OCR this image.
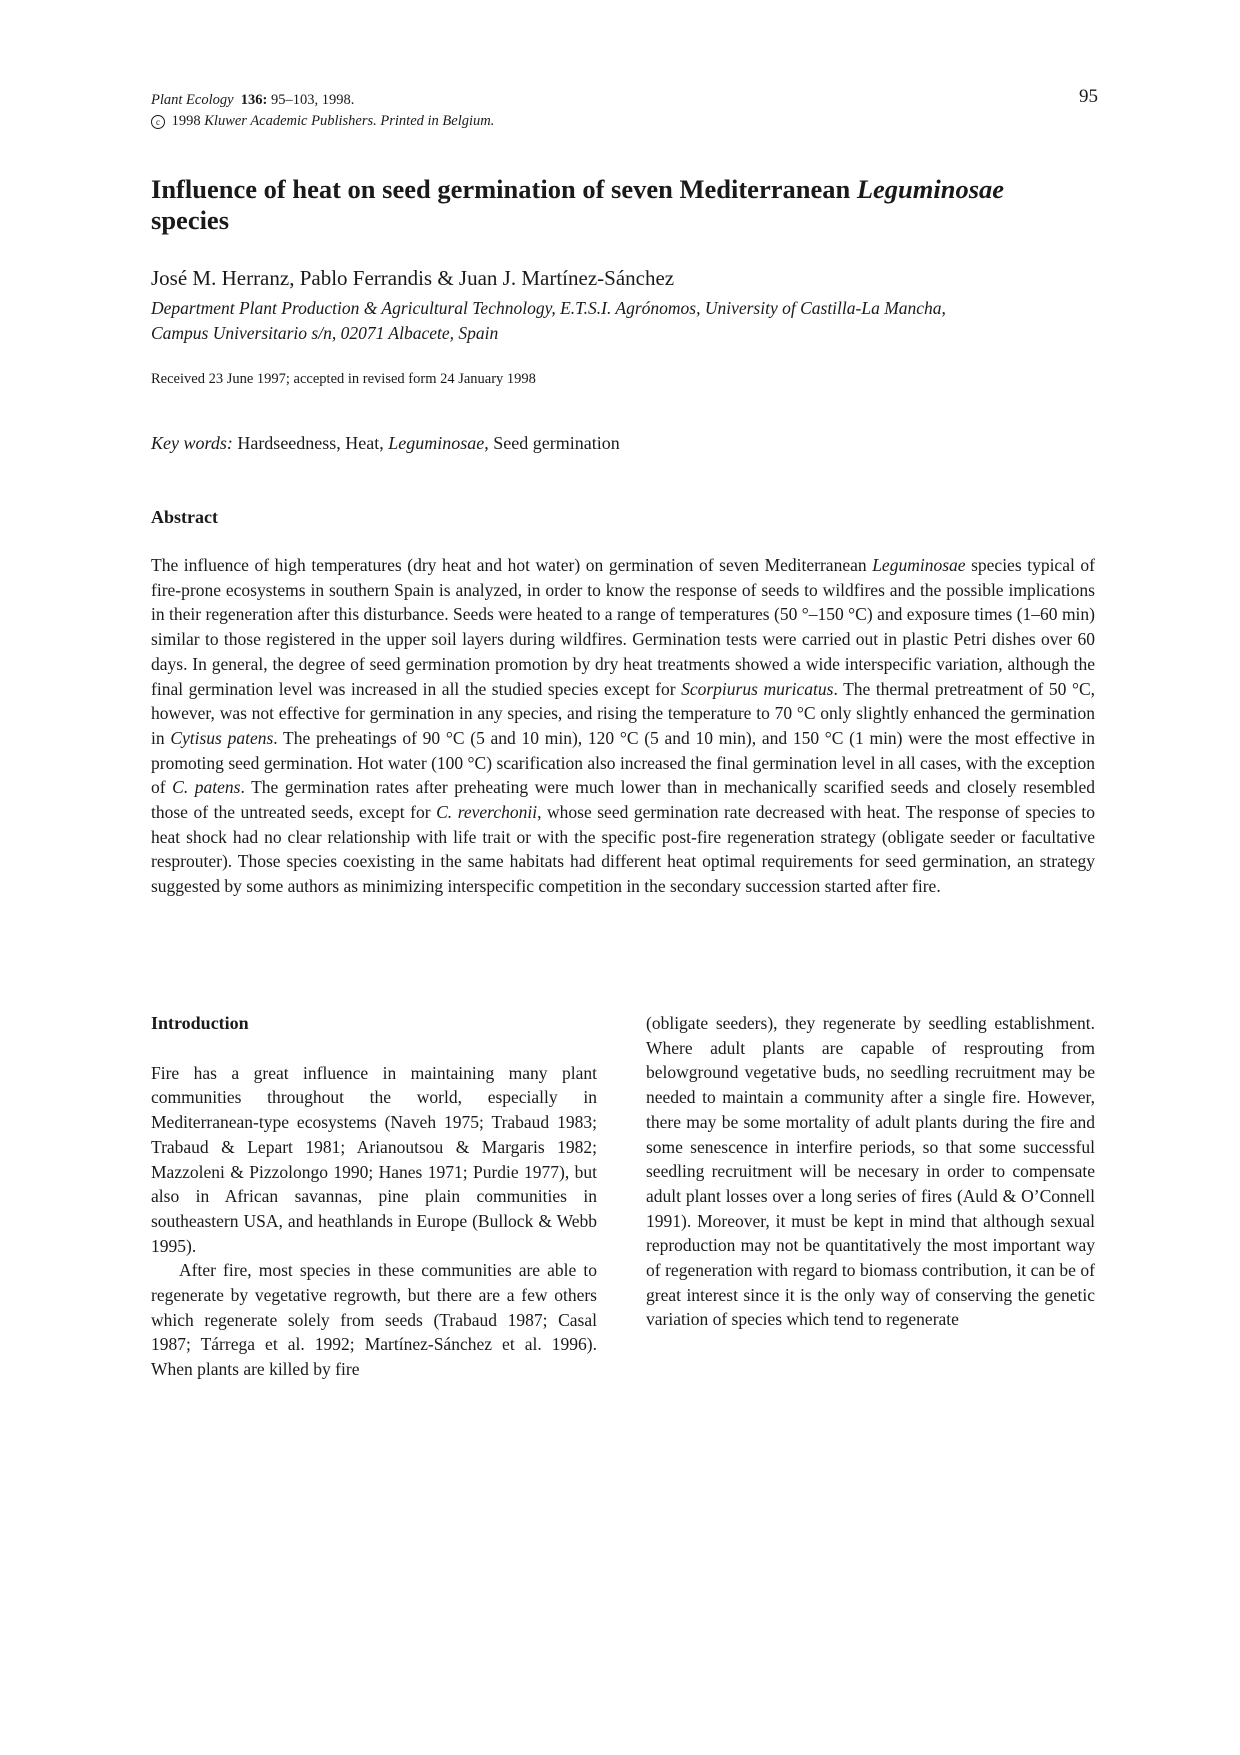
Plant Ecology 136: 95–103, 1998.
c 1998 Kluwer Academic Publishers. Printed in Belgium.
95
Influence of heat on seed germination of seven Mediterranean Leguminosae
species
José M. Herranz, Pablo Ferrandis & Juan J. Martínez-Sánchez
Department Plant Production & Agricultural Technology, E.T.S.I. Agrónomos, University of Castilla-La Mancha,
Campus Universitario s/n, 02071 Albacete, Spain
Received 23 June 1997; accepted in revised form 24 January 1998
Key words: Hardseedness, Heat, Leguminosae, Seed germination
Abstract

The influence of high temperatures (dry heat and hot water) on germination of seven Mediterranean Leguminosae species typical of fire-prone ecosystems in southern Spain is analyzed, in order to know the response of seeds to wildfires and the possible implications in their regeneration after this disturbance. Seeds were heated to a range of temperatures (50 °–150 °C) and exposure times (1–60 min) similar to those registered in the upper soil layers during wildfires. Germination tests were carried out in plastic Petri dishes over 60 days. In general, the degree of seed germination promotion by dry heat treatments showed a wide interspecific variation, although the final germination level was increased in all the studied species except for Scorpiurus muricatus. The thermal pretreatment of 50 °C, however, was not effective for germination in any species, and rising the temperature to 70 °C only slightly enhanced the germination in Cytisus patens. The preheatings of 90 °C (5 and 10 min), 120 °C (5 and 10 min), and 150 °C (1 min) were the most effective in promoting seed germination. Hot water (100 °C) scarification also increased the final germination level in all cases, with the exception of C. patens. The germination rates after preheating were much lower than in mechanically scarified seeds and closely resembled those of the untreated seeds, except for C. reverchonii, whose seed germination rate decreased with heat. The response of species to heat shock had no clear relationship with life trait or with the specific post-fire regeneration strategy (obligate seeder or facultative resprouter). Those species coexisting in the same habitats had different heat optimal requirements for seed germination, an strategy suggested by some authors as minimizing interspecific competition in the secondary succession started after fire.

Introduction

Fire has a great influence in maintaining many plant communities throughout the world, especially in Mediterranean-type ecosystems (Naveh 1975; Trabaud 1983; Trabaud & Lepart 1981; Arianoutsou & Margaris 1982; Mazzoleni & Pizzolongo 1990; Hanes 1971; Purdie 1977), but also in African savannas, pine plain communities in southeastern USA, and heathlands in Europe (Bullock & Webb 1995).

After fire, most species in these communities are able to regenerate by vegetative regrowth, but there are a few others which regenerate solely from seeds (Trabaud 1987; Casal 1987; Tárrega et al. 1992; Martínez-Sánchez et al. 1996). When plants are killed by fire

(obligate seeders), they regenerate by seedling establishment. Where adult plants are capable of resprouting from belowground vegetative buds, no seedling recruitment may be needed to maintain a community after a single fire. However, there may be some mortality of adult plants during the fire and some senescence in interfire periods, so that some successful seedling recruitment will be necesary in order to compensate adult plant losses over a long series of fires (Auld & O’Connell 1991). Moreover, it must be kept in mind that although sexual reproduction may not be quantitatively the most important way of regeneration with regard to biomass contribution, it can be of great interest since it is the only way of conserving the genetic variation of species which tend to regenerate
